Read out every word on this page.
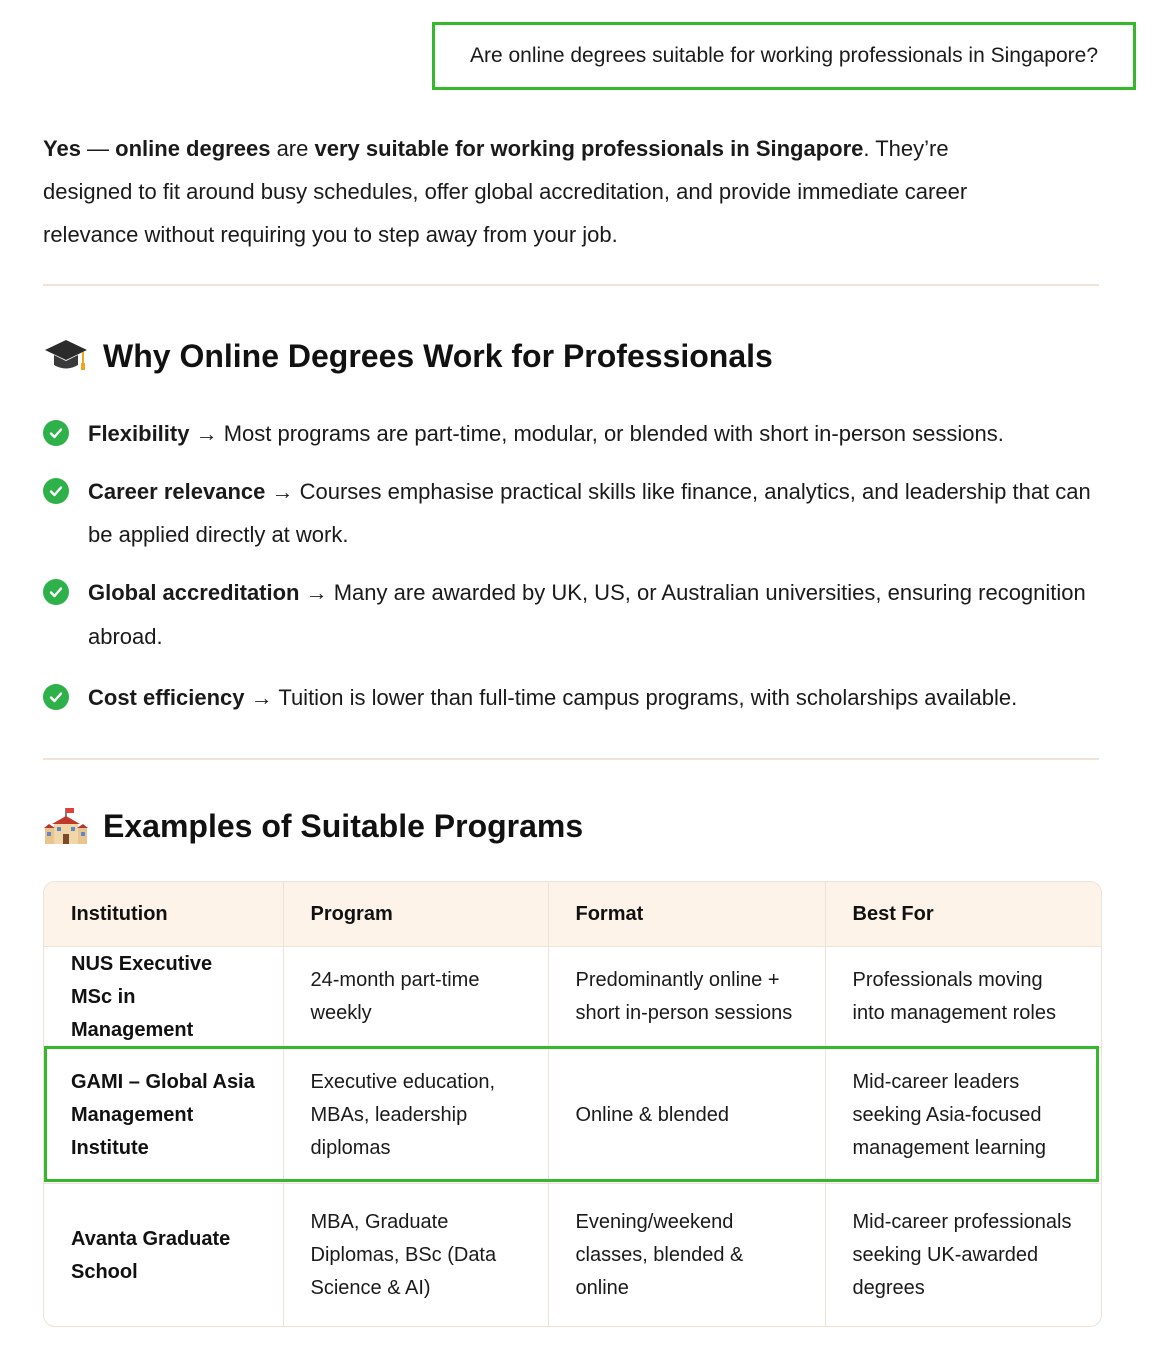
Are online degrees suitable for working professionals in Singapore?
Yes — online degrees are very suitable for working professionals in Singapore. They’re designed to fit around busy schedules, offer global accreditation, and provide immediate career relevance without requiring you to step away from your job.
Why Online Degrees Work for Professionals
Flexibility → Most programs are part-time, modular, or blended with short in-person sessions.
Career relevance → Courses emphasise practical skills like finance, analytics, and leadership that can be applied directly at work.
Global accreditation → Many are awarded by UK, US, or Australian universities, ensuring recognition abroad.
Cost efficiency → Tuition is lower than full-time campus programs, with scholarships available.
Examples of Suitable Programs
Institution	Program	Format	Best For
NUS Executive MSc in Management	24-month part-time weekly	Predominantly online + short in-person sessions	Professionals moving into management roles
GAMI – Global Asia Management Institute	Executive education, MBAs, leadership diplomas	Online & blended	Mid-career leaders seeking Asia-focused management learning
Avanta Graduate School	MBA, Graduate Diplomas, BSc (Data Science & AI)	Evening/weekend classes, blended & online	Mid-career professionals seeking UK-awarded degrees
